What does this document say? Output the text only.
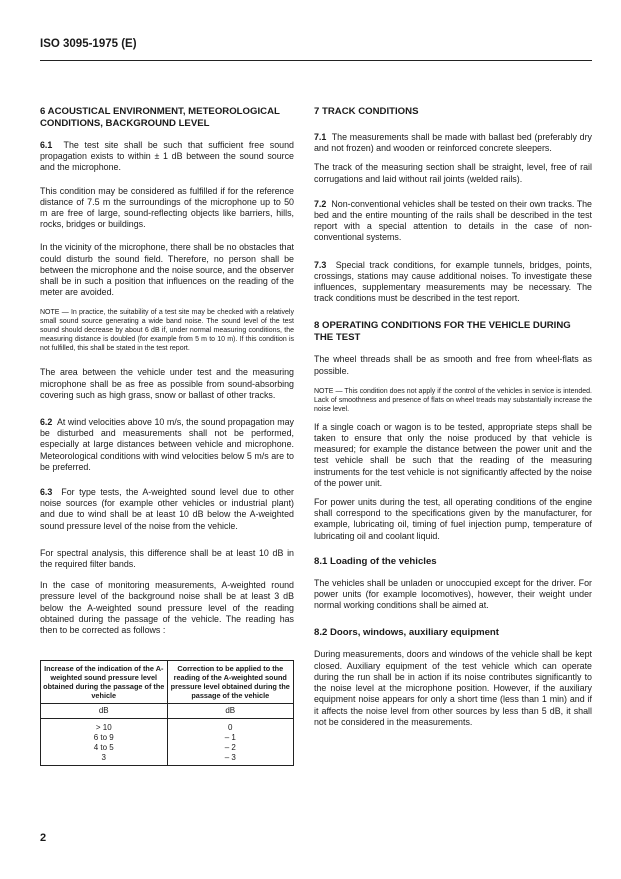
ISO 3095-1975 (E)
6 ACOUSTICAL ENVIRONMENT, METEOROLOGICAL CONDITIONS, BACKGROUND LEVEL

6.1 The test site shall be such that sufficient free sound propagation exists to within ± 1 dB between the sound source and the microphone.

This condition may be considered as fulfilled if for the reference distance of 7.5 m the surroundings of the microphone up to 50 m are free of large, sound-reflecting objects like barriers, hills, rocks, bridges or buildings.

In the vicinity of the microphone, there shall be no obstacles that could disturb the sound field. Therefore, no person shall be between the microphone and the noise source, and the observer shall be in such a position that influences on the reading of the meter are avoided.

NOTE — In practice, the suitability of a test site may be checked with a relatively small sound source generating a wide band noise. The sound level of the test sound should decrease by about 6 dB if, under normal measuring conditions, the measuring distance is doubled (for example from 5 m to 10 m). If this condition is not fulfilled, this shall be stated in the test report.

The area between the vehicle under test and the measuring microphone shall be as free as possible from sound-absorbing covering such as high grass, snow or ballast of other tracks.

6.2 At wind velocities above 10 m/s, the sound propagation may be disturbed and measurements shall not be performed, especially at large distances between vehicle and microphone. Meteorological conditions with wind velocities below 5 m/s are to be preferred.

6.3 For type tests, the A-weighted sound level due to other noise sources (for example other vehicles or industrial plant) and due to wind shall be at least 10 dB below the A-weighted sound pressure level of the noise from the vehicle.

For spectral analysis, this difference shall be at least 10 dB in the required filter bands.

In the case of monitoring measurements, A-weighted round pressure level of the background noise shall be at least 3 dB below the A-weighted sound pressure level of the reading obtained during the passage of the vehicle. The reading has then to be corrected as follows :

Increase of the indication of the A-weighted sound pressure level obtained during the passage of the vehicle	Correction to be applied to the reading of the A-weighted sound pressure level obtained during the passage of the vehicle
dB	dB
> 10	0
6 to 9	– 1
4 to 5	– 2
3	– 3
7 TRACK CONDITIONS

7.1 The measurements shall be made with ballast bed (preferably dry and not frozen) and wooden or reinforced concrete sleepers.

The track of the measuring section shall be straight, level, free of rail corrugations and laid without rail joints (welded rails).

7.2 Non-conventional vehicles shall be tested on their own tracks. The bed and the entire mounting of the rails shall be described in the test report with a special attention to details in the case of non-conventional systems.

7.3 Special track conditions, for example tunnels, bridges, points, crossings, stations may cause additional noises. To investigate these influences, supplementary measurements may be necessary. The track conditions must be described in the test report.

8 OPERATING CONDITIONS FOR THE VEHICLE DURING THE TEST

The wheel threads shall be as smooth and free from wheel-flats as possible.

NOTE — This condition does not apply if the control of the vehicles in service is intended. Lack of smoothness and presence of flats on wheel treads may substantially increase the noise level.

If a single coach or wagon is to be tested, appropriate steps shall be taken to ensure that only the noise produced by that vehicle is measured; for example the distance between the power unit and the test vehicle shall be such that the reading of the measuring instruments for the test vehicle is not significantly affected by the noise of the power unit.

For power units during the test, all operating conditions of the engine shall correspond to the specifications given by the manufacturer, for example, lubricating oil, timing of fuel injection pump, temperature of lubricating oil and coolant liquid.

8.1 Loading of the vehicles

The vehicles shall be unladen or unoccupied except for the driver. For power units (for example locomotives), however, their weight under normal working conditions shall be aimed at.

8.2 Doors, windows, auxiliary equipment

During measurements, doors and windows of the vehicle shall be kept closed. Auxiliary equipment of the test vehicle which can operate during the run shall be in action if its noise contributes significantly to the noise level at the microphone position. However, if the auxiliary equipment noise appears for only a short time (less than 1 min) and if it affects the noise level from other sources by less than 5 dB, it shall not be considered in the measurements.

2
